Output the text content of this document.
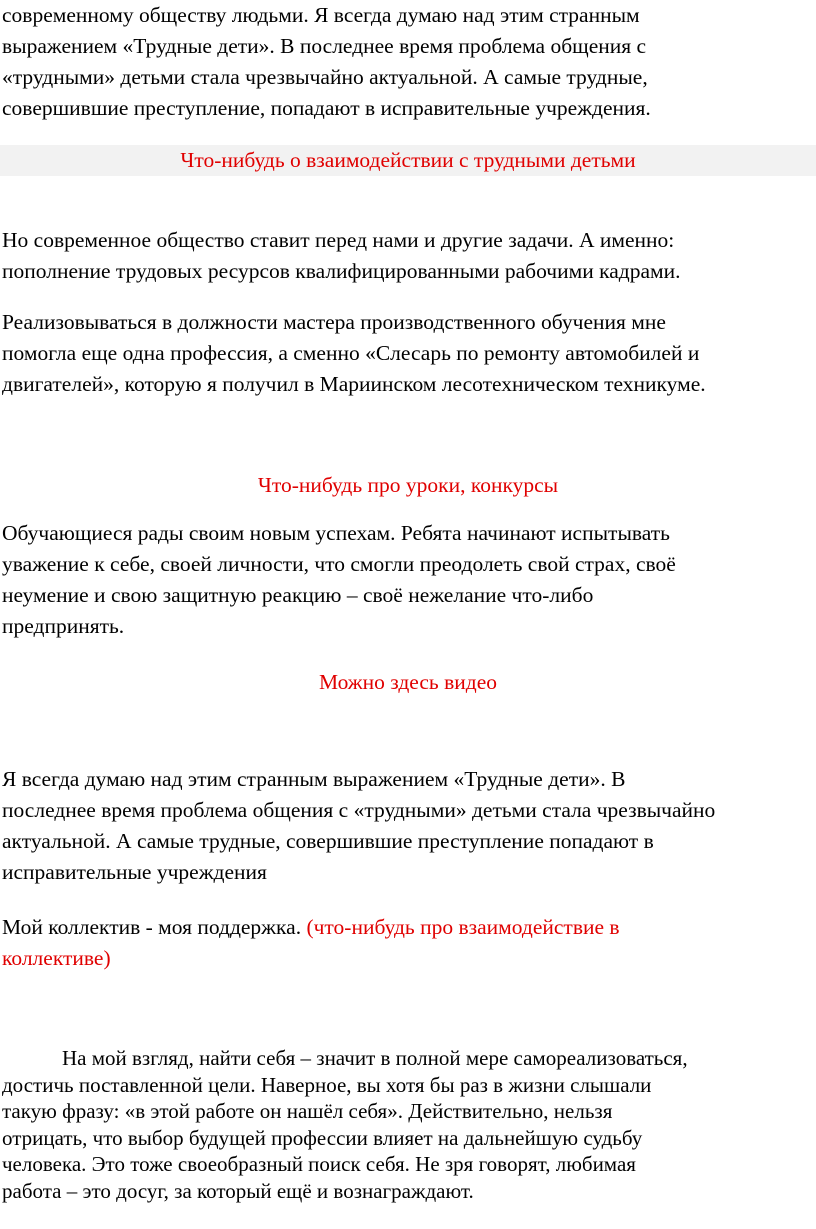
современному обществу людьми. Я всегда думаю над этим странным
выражением «Трудные дети». В последнее время проблема общения с
«трудными» детьми стала чрезвычайно актуальной. А самые трудные,
совершившие преступление, попадают в исправительные учреждения.

Что-нибудь о взаимодействии с трудными детьми

Но современное общество ставит перед нами и другие задачи. А именно:
пополнение трудовых ресурсов квалифицированными рабочими кадрами.

Реализовываться в должности мастера производственного обучения мне
помогла еще одна профессия, а сменно «Слесарь по ремонту автомобилей и
двигателей», которую я получил в Мариинском лесотехническом техникуме.

Что-нибудь про уроки, конкурсы

Обучающиеся рады своим новым успехам. Ребята начинают испытывать
уважение к себе, своей личности, что смогли преодолеть свой страх, своё
неумение и свою защитную реакцию – своё нежелание что-либо
предпринять.

Можно здесь видео

Я всегда думаю над этим странным выражением «Трудные дети». В
последнее время проблема общения с «трудными» детьми стала чрезвычайно
актуальной. А самые трудные, совершившие преступление попадают в
исправительные учреждения

Мой коллектив - моя поддержка. (что-нибудь про взаимодействие в
коллективе)

На мой взгляд, найти себя – значит в полной мере самореализоваться,
достичь поставленной цели. Наверное, вы хотя бы раз в жизни слышали
такую фразу: «в этой работе он нашёл себя». Действительно, нельзя
отрицать, что выбор будущей профессии влияет на дальнейшую судьбу
человека. Это тоже своеобразный поиск себя. Не зря говорят, любимая
работа – это досуг, за который ещё и вознаграждают.
